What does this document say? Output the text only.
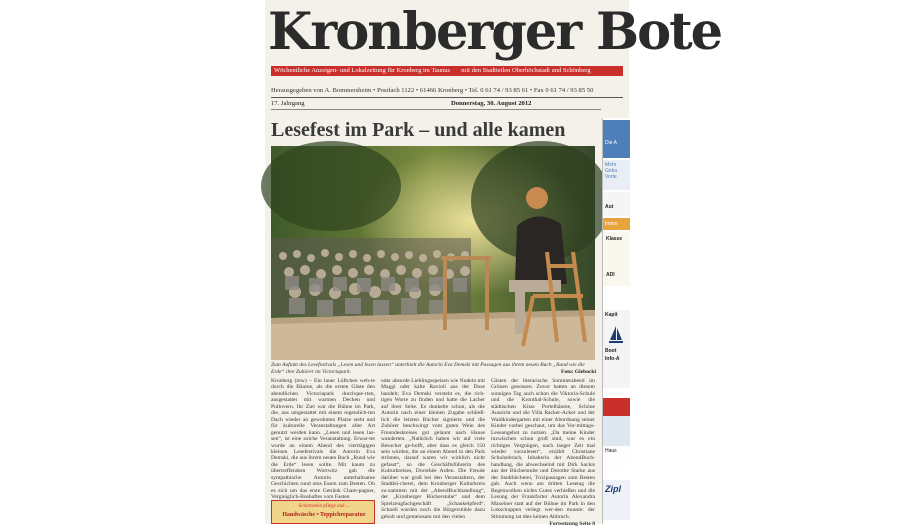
Kronberger Bote
Wöchentliche Anzeigen- und Lokalzeitung für Kronberg im Taunus mit den Stadtteilen Oberhöchstadt und Schönberg
Herausgegeben von A. Bommersheim • Postfach 1122 • 61466 Kronberg • Tel. 0 61 74 / 93 85 61 • Fax 0 61 74 / 93 85 50
17. Jahrgang	Donnerstag, 30. August 2012
Lesefest im Park – und alle kamen
Zum Auftakt des Lesefestivals „Lesen und lesen lassen“ unterhielt die Autorin Eva Demski mit Passagen aus ihrem neuen Buch „Rund wie die Erde“ ihre Zuhörer im Victoriapark.	Foto: Glebocki
Kronberg (mw) – Ein lauer Lüftchen weh-te durch die Bäume, als die ersten Gäste den abendlichen Victoriapark durchque-rten, ausgestattet mit warmen Decken und Pullovern. Ihr Ziel war die Bühne im Park, die, aus umgestattet mit einem regendich-ten Dach wieder an gewohnten Platze steht und für kulturelle Veranstaltungen aller Art genutzt werden kann. „Lesen und lesen las-sen“, ist eine solche Veranstaltung. Erwar-tet wurde an einem Abend des vierttägigen kleinen Lesefestivals die Autorin Eva Demski, die aus ihrem neuen Buch „Rund wie die Erde“ lesen sollte. Mit kaum zu übertreffendem Wortwitz gab die sympathische Autorin unterhaltsame Geschichten rund ums Essen zum Besten. Ob es sich um das erste Getränk Cham-pagner, Vergnüglich-Bosbaftes vom Fasten
oder absurde Lieblingsspeisen wie Nudeln mit Maggi oder kalte Ravioli aus der Dose handelt; Eva Demski versteht es, die rich-tigen Worte zu finden und hatte die Lacher auf ihrer Seite. Es dunkelte schon, als die Autorin nach einer kleinen Zugabe schließ-lich die letzten Bücher signierte und die Zuhörer beschwingt vom guten Wein des Freundeskreises gut gelaunt nach Hause wanderten. „Natürlich haben wir auf viele Besucher ge-hofft, aber dass es gleich 150 sein würden, die an einem Abend in den Park strömen, darauf waren wir wirklich nicht gefasst“, so die Geschäftsführerin des Kulturkreises, Dorothée Arden. Die Freude darüber war groß bei den Veranstaltern, der Stadtbü-cherei, dem Kronberger Kulturkreis zu-sammen mit der „AbendBuchhandlung“, der „Kronberger Bücherstube“ und dem Spielzeugfachgeschäft „Schaukelpferd“. Schnell wurden noch die Bürgerstühle dazu geholt und gemeinsam mit den vielen
Gästen der literarische Sommerabend im Grünen genossen. Zuvor hatten an diesem sonnigen Tag auch schon die Viktoria-Schule und die Kronthal-Schule, sowie die städtischen Kitas Portelbäume, Schöne Aussicht und die Villa Racker-Acker und der Waldkindergarten mit einer Abordnung seiner Kinder vorbei geschaut, um das Vor-mittags-Leseangebot zu nutzen. „Da meine Kinder inzwischen schon groß sind, war es ein richtiges Vergnügen, nach langer Zeit mal wieder vorzulesen“, erzählt Christiane Schulzebrach, Inhaberin der AbendBuch-handlung, die abwechselnd mit Dirk Sackis aus der Bücherstube und Dorothe Starke aus der Stadtbücherei, Trixipassagen zum Besten gab. Auch wenn am dritten Lesetag die Regenwolken nichts Gutes verhießen und die Lesung der Frankfurter Autorin Alexandra Maxeiner statt auf der Bühne im Park in den Lokschuppen verlegt wer-den musste: der Stimmung tat dies keinen Abbruch.
Fortsetzung Seite 8
Schornstein pflege und ...
Handwäsche • Teppichreparatur
Die A
Mehr
Gebu
Vorte
Aut
Immo
Klasse
ADI
Kapit
Boot
Info-A
Haus
Zipl
